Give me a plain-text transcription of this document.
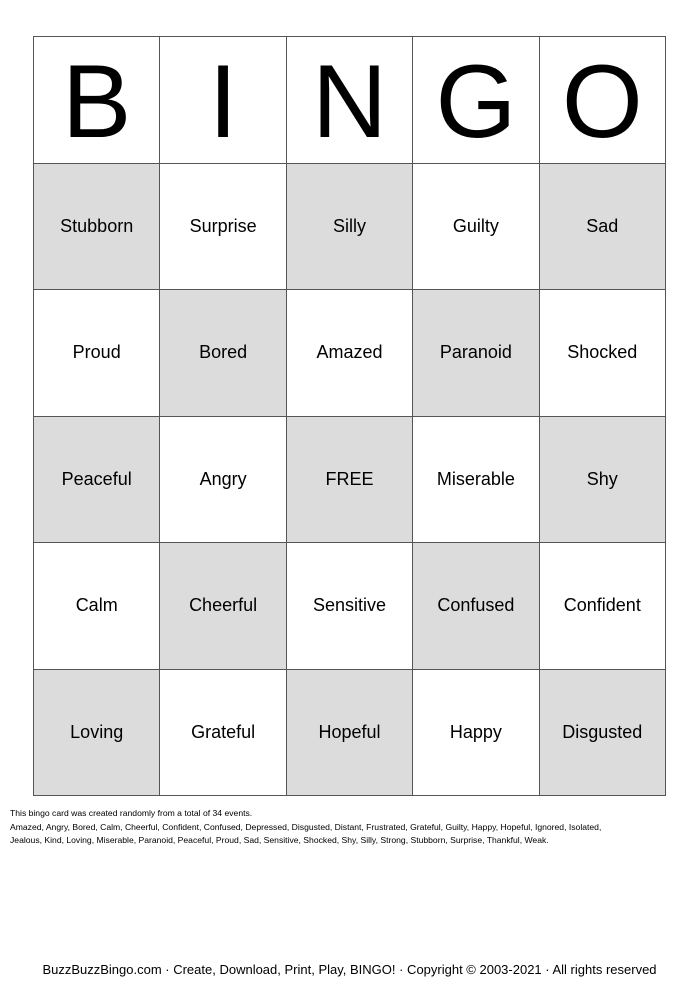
B I N G O
Stubborn	Surprise	Silly	Guilty	Sad
Proud	Bored	Amazed	Paranoid	Shocked
Peaceful	Angry	FREE	Miserable	Shy
Calm	Cheerful	Sensitive	Confused	Confident
Loving	Grateful	Hopeful	Happy	Disgusted
This bingo card was created randomly from a total of 34 events.
Amazed, Angry, Bored, Calm, Cheerful, Confident, Confused, Depressed, Disgusted, Distant, Frustrated, Grateful, Guilty, Happy, Hopeful, Ignored, Isolated,
Jealous, Kind, Loving, Miserable, Paranoid, Peaceful, Proud, Sad, Sensitive, Shocked, Shy, Silly, Strong, Stubborn, Surprise, Thankful, Weak.
BuzzBuzzBingo.com · Create, Download, Print, Play, BINGO! · Copyright © 2003-2021 · All rights reserved
